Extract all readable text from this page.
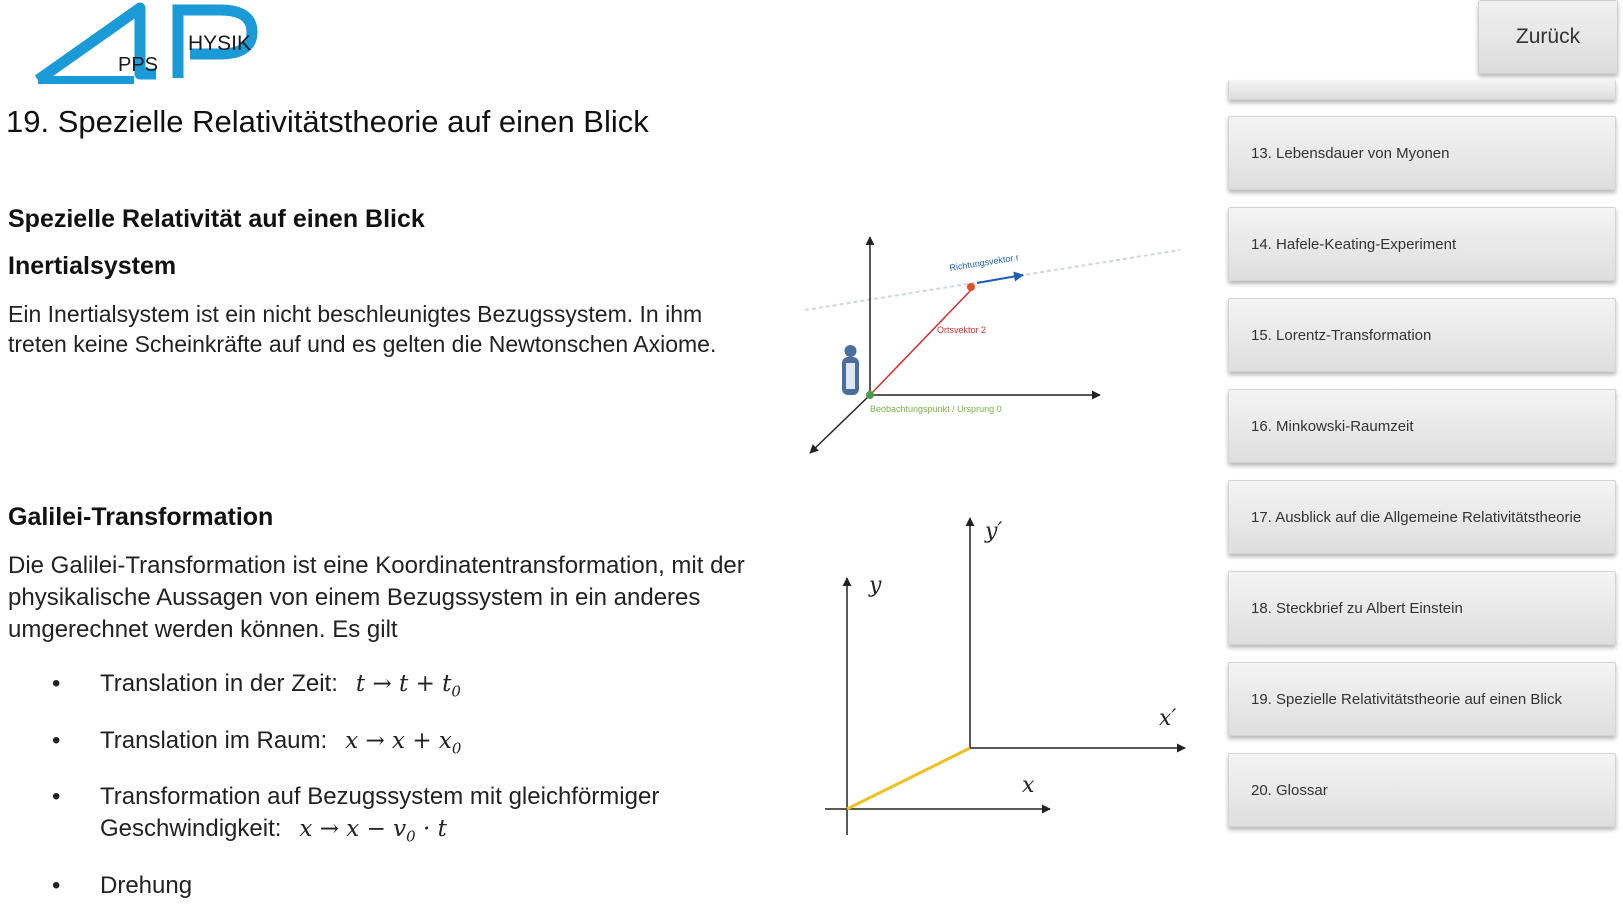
HYSIK
PPS
Zurück
19. Spezielle Relativitätstheorie auf einen Blick
Spezielle Relativität auf einen Blick
Inertialsystem

Ein Inertialsystem ist ein nicht beschleunigtes Bezugssystem. In ihm treten keine Scheinkräfte auf und es gelten die Newtonschen Axiome.

Galilei-Transformation

Die Galilei-Transformation ist eine Koordinatentransformation, mit der physikalische Aussagen von einem Bezugssystem in ein anderes umgerechnet werden können. Es gilt

•	Translation in der Zeit: $t \to t + t_0$
•	Translation im Raum: $x \to x + x_0$
•	Transformation auf Bezugssystem mit gleichförmiger Geschwindigkeit: $x \to x - v_0 \cdot t$
•	Drehung
Richtungsvektor r
Ortsvektor 2
Beobachtungspunkt / Ursprung 0
y
y′
x
x′
13. Lebensdauer von Myonen
14. Hafele-Keating-Experiment
15. Lorentz-Transformation
16. Minkowski-Raumzeit
17. Ausblick auf die Allgemeine Relativitätstheorie
18. Steckbrief zu Albert Einstein
19. Spezielle Relativitätstheorie auf einen Blick
20. Glossar
